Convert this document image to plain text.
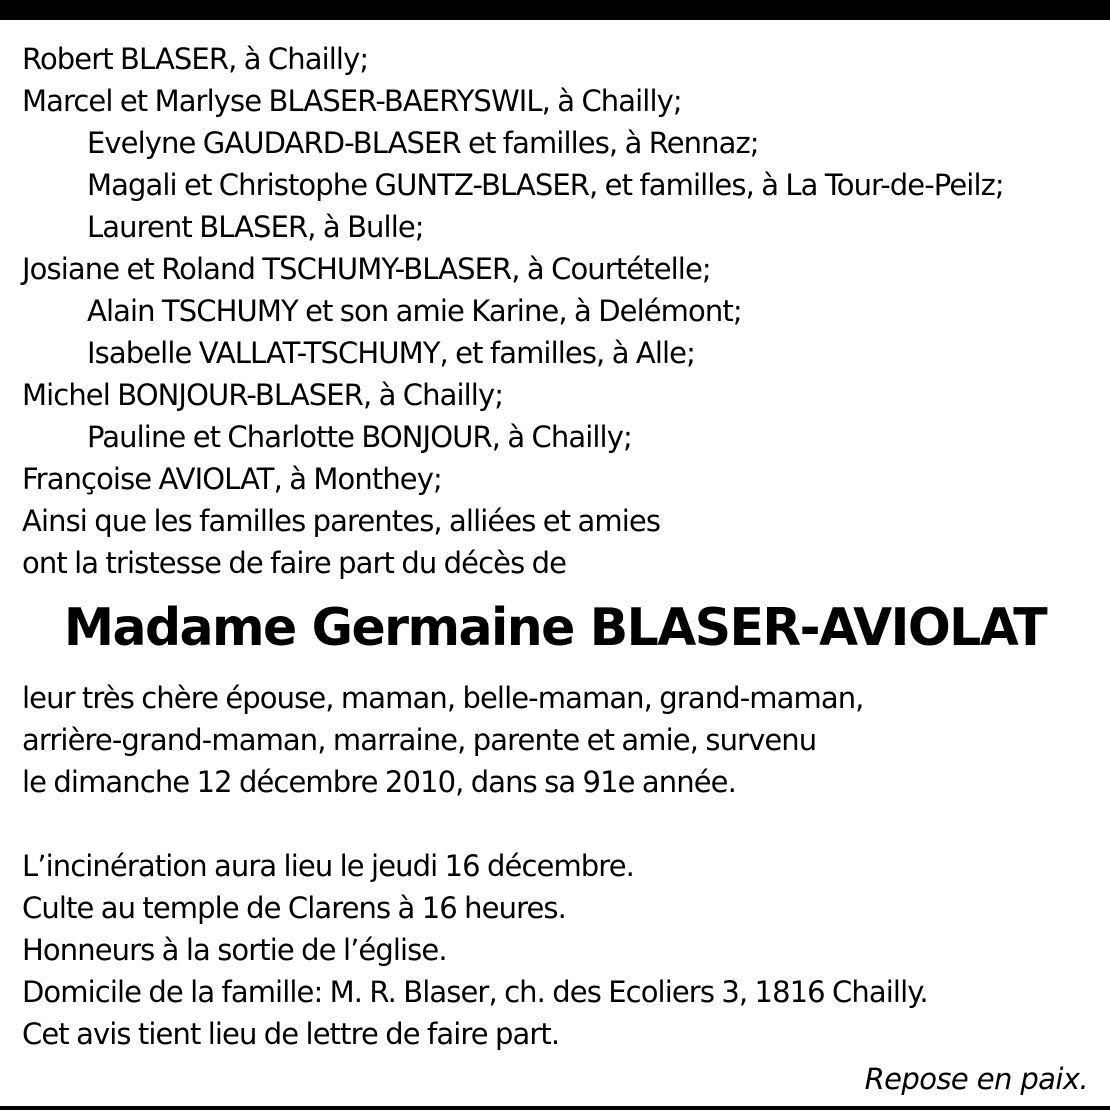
Robert BLASER, à Chailly;
Marcel et Marlyse BLASER-BAERYSWIL, à Chailly;
Evelyne GAUDARD-BLASER et familles, à Rennaz;
Magali et Christophe GUNTZ-BLASER, et familles, à La Tour-de-Peilz;
Laurent BLASER, à Bulle;
Josiane et Roland TSCHUMY-BLASER, à Courtételle;
Alain TSCHUMY et son amie Karine, à Delémont;
Isabelle VALLAT-TSCHUMY, et familles, à Alle;
Michel BONJOUR-BLASER, à Chailly;
Pauline et Charlotte BONJOUR, à Chailly;
Françoise AVIOLAT, à Monthey;
Ainsi que les familles parentes, alliées et amies
ont la tristesse de faire part du décès de
Madame Germaine BLASER-AVIOLAT
leur très chère épouse, maman, belle-maman, grand-maman,
arrière-grand-maman, marraine, parente et amie, survenu
le dimanche 12 décembre 2010, dans sa 91e année.
L’incinération aura lieu le jeudi 16 décembre.
Culte au temple de Clarens à 16 heures.
Honneurs à la sortie de l’église.
Domicile de la famille: M. R. Blaser, ch. des Ecoliers 3, 1816 Chailly.
Cet avis tient lieu de lettre de faire part.
Repose en paix.
